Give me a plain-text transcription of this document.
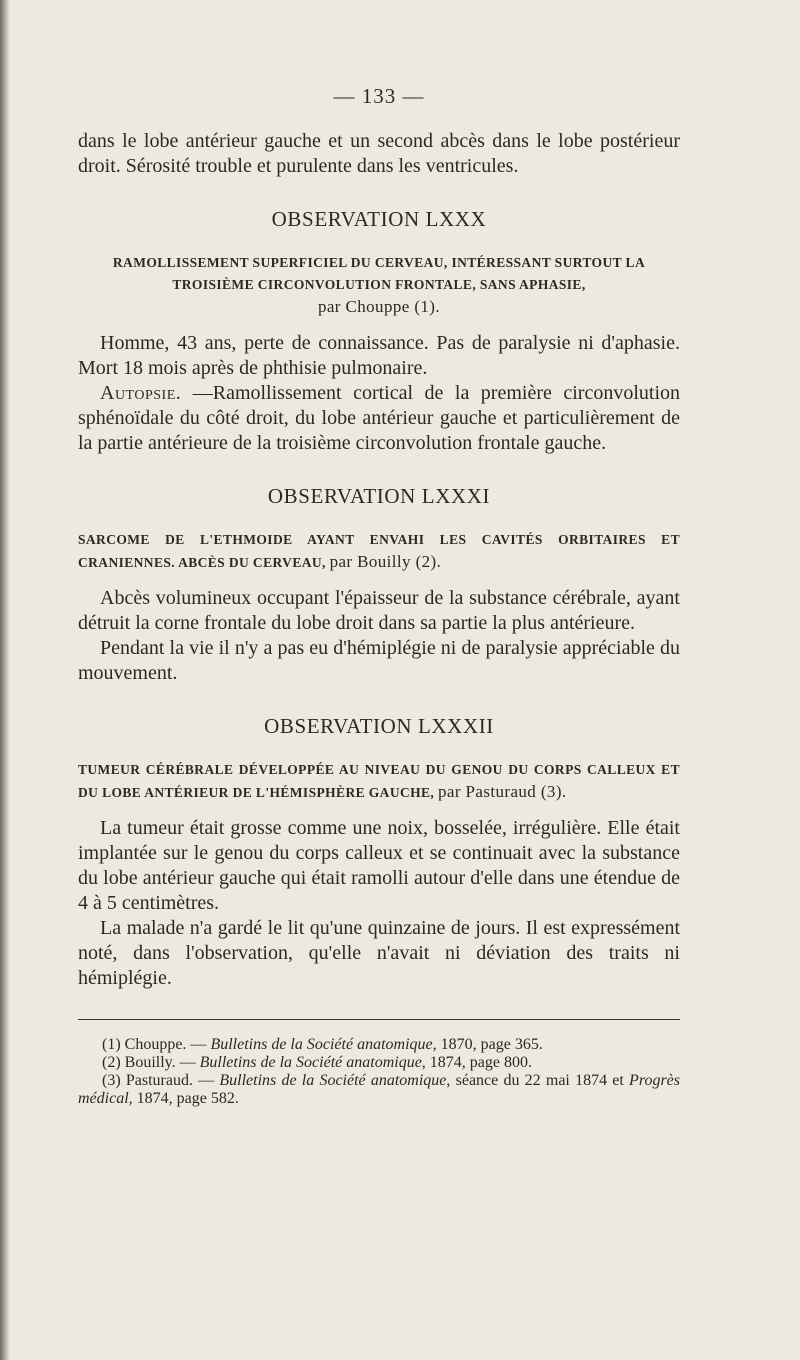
— 133 —

dans le lobe antérieur gauche et un second abcès dans le lobe postérieur droit. Sérosité trouble et purulente dans les ventricules.

OBSERVATION LXXX
RAMOLLISSEMENT SUPERFICIEL DU CERVEAU, INTÉRESSANT SURTOUT LA TROISIÈME CIRCONVOLUTION FRONTALE, SANS APHASIE,
par Chouppe (1).

Homme, 43 ans, perte de connaissance. Pas de paralysie ni d'aphasie. Mort 18 mois après de phthisie pulmonaire.

Autopsie. —Ramollissement cortical de la première circonvolution sphénoïdale du côté droit, du lobe antérieur gauche et particulièrement de la partie antérieure de la troisième circonvolution frontale gauche.

OBSERVATION LXXXI
SARCOME DE L'ETHMOIDE AYANT ENVAHI LES CAVITÉS ORBITAIRES ET CRANIENNES. ABCÈS DU CERVEAU, par Bouilly (2).

Abcès volumineux occupant l'épaisseur de la substance cérébrale, ayant détruit la corne frontale du lobe droit dans sa partie la plus antérieure.

Pendant la vie il n'y a pas eu d'hémiplégie ni de paralysie appréciable du mouvement.

OBSERVATION LXXXII
TUMEUR CÉRÉBRALE DÉVELOPPÉE AU NIVEAU DU GENOU DU CORPS CALLEUX ET DU LOBE ANTÉRIEUR DE L'HÉMISPHÈRE GAUCHE, par Pasturaud (3).

La tumeur était grosse comme une noix, bosselée, irrégulière. Elle était implantée sur le genou du corps calleux et se continuait avec la substance du lobe antérieur gauche qui était ramolli autour d'elle dans une étendue de 4 à 5 centimètres.

La malade n'a gardé le lit qu'une quinzaine de jours. Il est expressément noté, dans l'observation, qu'elle n'avait ni déviation des traits ni hémiplégie.

(1) Chouppe. — Bulletins de la Société anatomique, 1870, page 365.

(2) Bouilly. — Bulletins de la Société anatomique, 1874, page 800.

(3) Pasturaud. — Bulletins de la Société anatomique, séance du 22 mai 1874 et Progrès médical, 1874, page 582.
